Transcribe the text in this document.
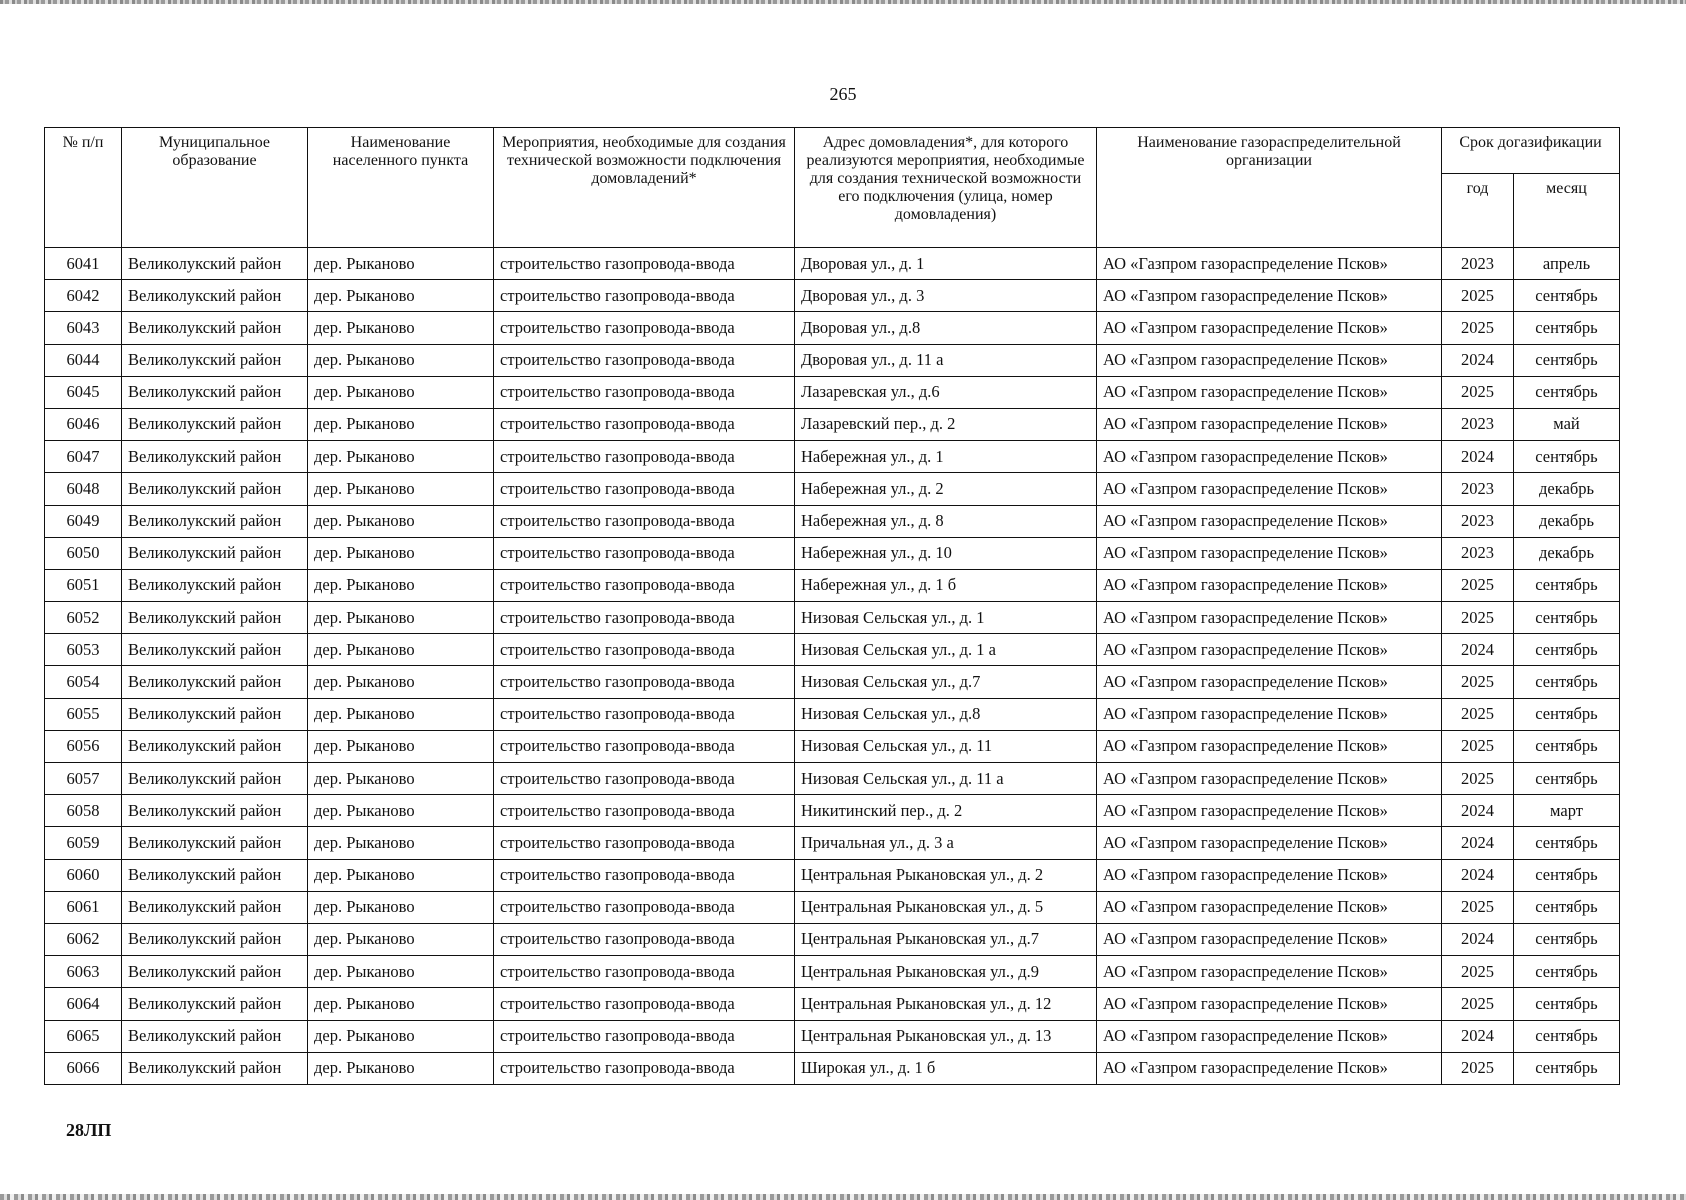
265
№ п/п	Муниципальное образование	Наименование населенного пункта	Мероприятия, необходимые для создания технической возможности подключения домовладений*	Адрес домовладения*, для которого реализуются мероприятия, необходимые для создания технической возможности его подключения (улица, номер домовладения)	Наименование газораспределительной организации	Срок догазификации	
						год	месяц
6041	Великолукский район	дер. Рыканово	строительство газопровода-ввода	Дворовая ул., д. 1	АО «Газпром газораспределение Псков»	2023	апрель
6042	Великолукский район	дер. Рыканово	строительство газопровода-ввода	Дворовая ул., д. 3	АО «Газпром газораспределение Псков»	2025	сентябрь
6043	Великолукский район	дер. Рыканово	строительство газопровода-ввода	Дворовая ул., д.8	АО «Газпром газораспределение Псков»	2025	сентябрь
6044	Великолукский район	дер. Рыканово	строительство газопровода-ввода	Дворовая ул., д. 11 а	АО «Газпром газораспределение Псков»	2024	сентябрь
6045	Великолукский район	дер. Рыканово	строительство газопровода-ввода	Лазаревская ул., д.6	АО «Газпром газораспределение Псков»	2025	сентябрь
6046	Великолукский район	дер. Рыканово	строительство газопровода-ввода	Лазаревский пер., д. 2	АО «Газпром газораспределение Псков»	2023	май
6047	Великолукский район	дер. Рыканово	строительство газопровода-ввода	Набережная ул., д. 1	АО «Газпром газораспределение Псков»	2024	сентябрь
6048	Великолукский район	дер. Рыканово	строительство газопровода-ввода	Набережная ул., д. 2	АО «Газпром газораспределение Псков»	2023	декабрь
6049	Великолукский район	дер. Рыканово	строительство газопровода-ввода	Набережная ул., д. 8	АО «Газпром газораспределение Псков»	2023	декабрь
6050	Великолукский район	дер. Рыканово	строительство газопровода-ввода	Набережная ул., д. 10	АО «Газпром газораспределение Псков»	2023	декабрь
6051	Великолукский район	дер. Рыканово	строительство газопровода-ввода	Набережная ул., д. 1 б	АО «Газпром газораспределение Псков»	2025	сентябрь
6052	Великолукский район	дер. Рыканово	строительство газопровода-ввода	Низовая Сельская ул., д. 1	АО «Газпром газораспределение Псков»	2025	сентябрь
6053	Великолукский район	дер. Рыканово	строительство газопровода-ввода	Низовая Сельская ул., д. 1 а	АО «Газпром газораспределение Псков»	2024	сентябрь
6054	Великолукский район	дер. Рыканово	строительство газопровода-ввода	Низовая Сельская ул., д.7	АО «Газпром газораспределение Псков»	2025	сентябрь
6055	Великолукский район	дер. Рыканово	строительство газопровода-ввода	Низовая Сельская ул., д.8	АО «Газпром газораспределение Псков»	2025	сентябрь
6056	Великолукский район	дер. Рыканово	строительство газопровода-ввода	Низовая Сельская ул., д. 11	АО «Газпром газораспределение Псков»	2025	сентябрь
6057	Великолукский район	дер. Рыканово	строительство газопровода-ввода	Низовая Сельская ул., д. 11 а	АО «Газпром газораспределение Псков»	2025	сентябрь
6058	Великолукский район	дер. Рыканово	строительство газопровода-ввода	Никитинский пер., д. 2	АО «Газпром газораспределение Псков»	2024	март
6059	Великолукский район	дер. Рыканово	строительство газопровода-ввода	Причальная ул., д. 3 а	АО «Газпром газораспределение Псков»	2024	сентябрь
6060	Великолукский район	дер. Рыканово	строительство газопровода-ввода	Центральная Рыкановская ул., д. 2	АО «Газпром газораспределение Псков»	2024	сентябрь
6061	Великолукский район	дер. Рыканово	строительство газопровода-ввода	Центральная Рыкановская ул., д. 5	АО «Газпром газораспределение Псков»	2025	сентябрь
6062	Великолукский район	дер. Рыканово	строительство газопровода-ввода	Центральная Рыкановская ул., д.7	АО «Газпром газораспределение Псков»	2024	сентябрь
6063	Великолукский район	дер. Рыканово	строительство газопровода-ввода	Центральная Рыкановская ул., д.9	АО «Газпром газораспределение Псков»	2025	сентябрь
6064	Великолукский район	дер. Рыканово	строительство газопровода-ввода	Центральная Рыкановская ул., д. 12	АО «Газпром газораспределение Псков»	2025	сентябрь
6065	Великолукский район	дер. Рыканово	строительство газопровода-ввода	Центральная Рыкановская ул., д. 13	АО «Газпром газораспределение Псков»	2024	сентябрь
6066	Великолукский район	дер. Рыканово	строительство газопровода-ввода	Широкая ул., д. 1 б	АО «Газпром газораспределение Псков»	2025	сентябрь
28ЛП
